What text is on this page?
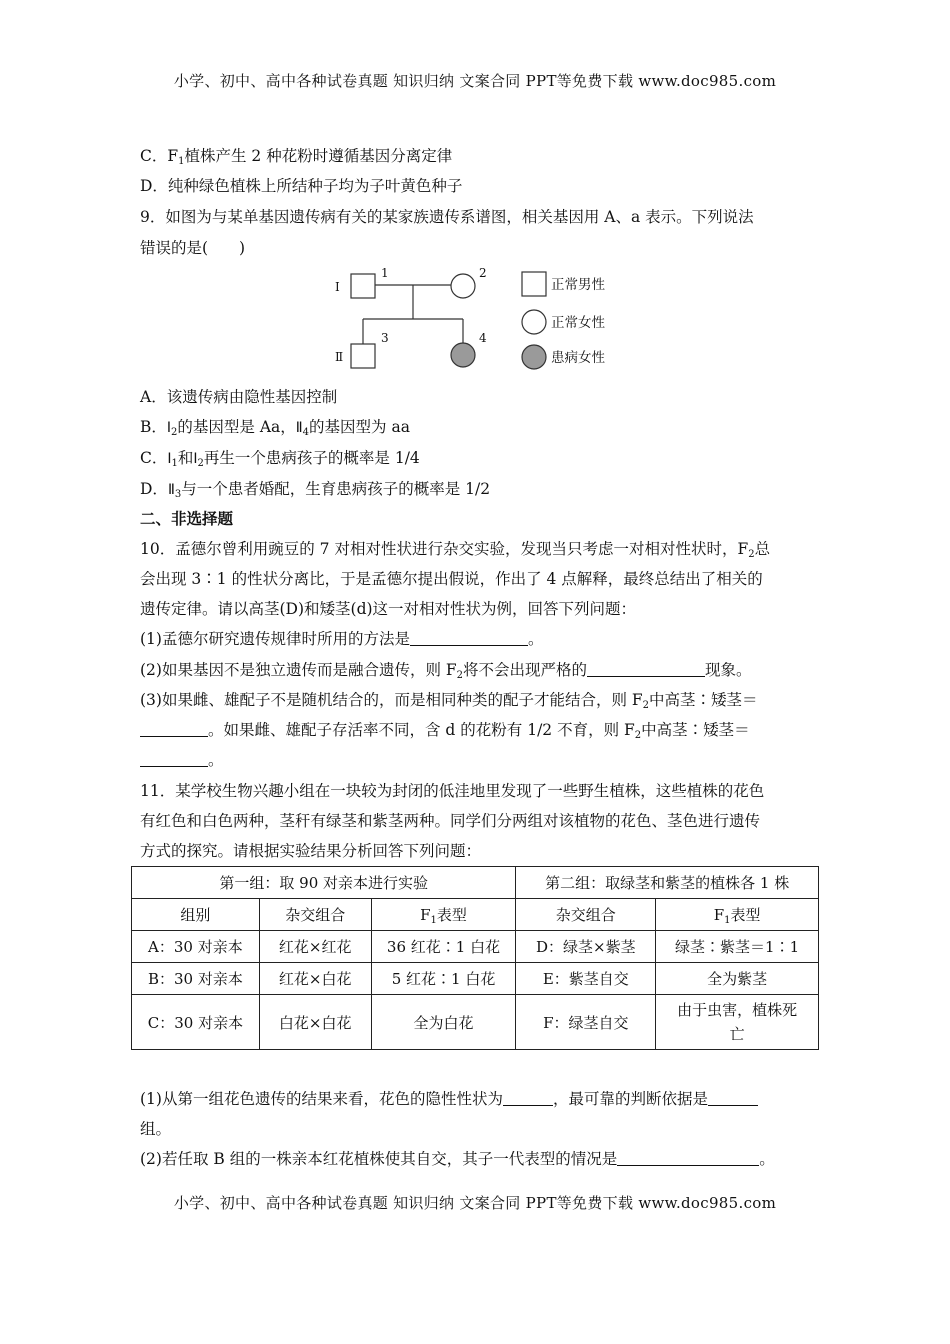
小学、初中、高中各种试卷真题 知识归纳 文案合同 PPT等免费下载 www.doc985.com
C．$F_1$植株产生 2 种花粉时遵循基因分离定律
D．纯种绿色植株上所结种子均为子叶黄色种子
9．如图为与某单基因遗传病有关的某家族遗传系谱图，相关基因用 A、a 表示。下列说法
错误的是(　　)
Ⅰ
Ⅱ
1	2
3	4
正常男性
正常女性
患病女性
A．该遗传病由隐性基因控制
B．$Ⅰ_2$的基因型是 Aa，$Ⅱ_4$的基因型为 aa
C．$Ⅰ_1$和$Ⅰ_2$再生一个患病孩子的概率是 1/4
D．$Ⅱ_3$与一个患者婚配，生育患病孩子的概率是 1/2
二、非选择题
10．孟德尔曾利用豌豆的 7 对相对性状进行杂交实验，发现当只考虑一对相对性状时，$F_2$总
会出现 3∶1 的性状分离比，于是孟德尔提出假说，作出了 4 点解释，最终总结出了相关的
遗传定律。请以高茎(D)和矮茎(d)这一对相对性状为例，回答下列问题：
(1)孟德尔研究遗传规律时所用的方法是	。
(2)如果基因不是独立遗传而是融合遗传，则 $F_2$将不会出现严格的	现象。
(3)如果雌、雄配子不是随机结合的，而是相同种类的配子才能结合，则 $F_2$中高茎∶矮茎＝
。如果雌、雄配子存活率不同，含 d 的花粉有 1/2 不育，则 $F_2$中高茎∶矮茎＝
。
11．某学校生物兴趣小组在一块较为封闭的低洼地里发现了一些野生植株，这些植株的花色
有红色和白色两种，茎秆有绿茎和紫茎两种。同学们分两组对该植物的花色、茎色进行遗传
方式的探究。请根据实验结果分析回答下列问题：
第一组：取 90 对亲本进行实验			第二组：取绿茎和紫茎的植株各 1 株	
组别	杂交组合	$F_1$表型	杂交组合	$F_1$表型
A：30 对亲本	红花×红花	36 红花∶1 白花	D：绿茎×紫茎	绿茎∶紫茎＝1∶1
B：30 对亲本	红花×白花	5 红花∶1 白花	E：紫茎自交	全为紫茎
C：30 对亲本	白花×白花	全为白花	F：绿茎自交	由于虫害，植株死
亡
(1)从第一组花色遗传的结果来看，花色的隐性性状为	，最可靠的判断依据是
组。
(2)若任取 B 组的一株亲本红花植株使其自交，其子一代表型的情况是	。
小学、初中、高中各种试卷真题 知识归纳 文案合同 PPT等免费下载 www.doc985.com
